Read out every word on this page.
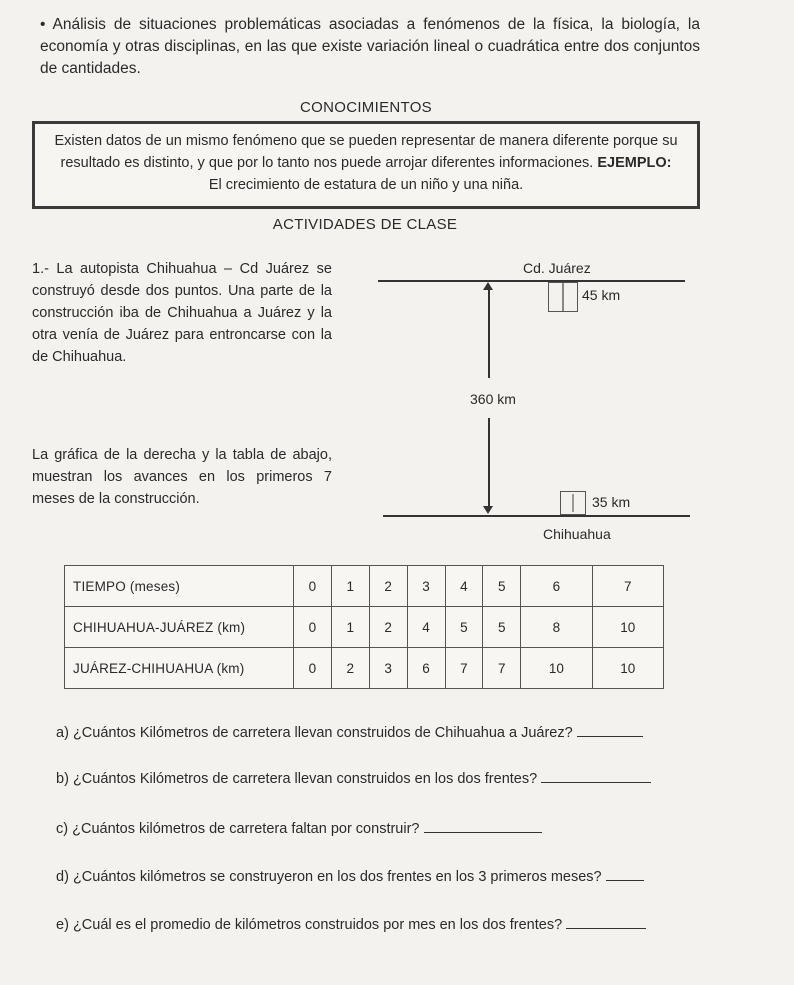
• Análisis de situaciones problemáticas asociadas a fenómenos de la física, la biología, la economía y otras disciplinas, en las que existe variación lineal o cuadrática entre dos conjuntos de cantidades.
CONOCIMIENTOS
Existen datos de un mismo fenómeno que se pueden representar de manera diferente porque su resultado es distinto, y que por lo tanto nos puede arrojar diferentes informaciones. EJEMPLO: El crecimiento de estatura de un niño y una niña.
ACTIVIDADES DE CLASE
1.- La autopista Chihuahua – Cd Juárez se construyó desde dos puntos. Una parte de la construcción iba de Chihuahua a Juárez y la otra venía de Juárez para entroncarse con la de Chihuahua.
La gráfica de la derecha y la tabla de abajo, muestran los avances en los primeros 7 meses de la construcción.
Cd. Juárez
45 km
360 km
35 km
Chihuahua
TIEMPO (meses)	0	1	2	3	4	5	6	7
CHIHUAHUA-JUÁREZ (km)	0	1	2	4	5	5	8	10
JUÁREZ-CHIHUAHUA (km)	0	2	3	6	7	7	10	10
a) ¿Cuántos Kilómetros de carretera llevan construidos de Chihuahua a Juárez?
b) ¿Cuántos Kilómetros de carretera llevan construidos en los dos frentes?
c) ¿Cuántos kilómetros de carretera faltan por construir?
d) ¿Cuántos kilómetros se construyeron en los dos frentes en los 3 primeros meses?
e) ¿Cuál es el promedio de kilómetros construidos por mes en los dos frentes?
